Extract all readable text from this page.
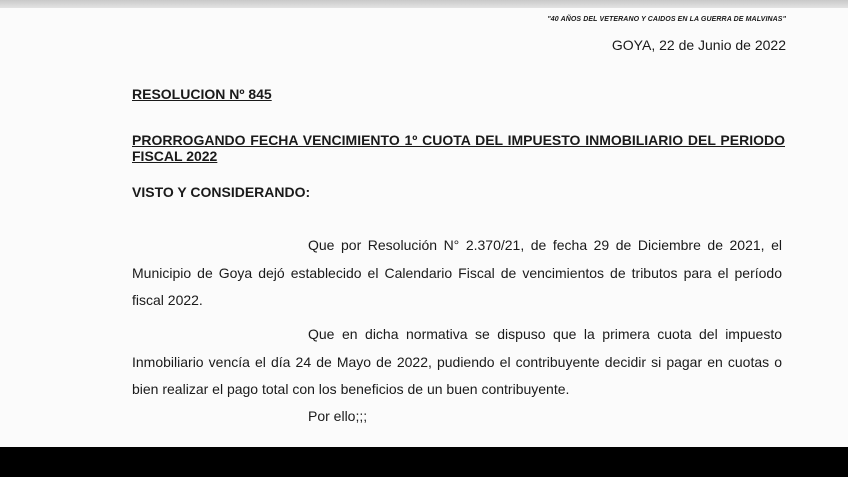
"40 AÑOS DEL VETERANO Y CAIDOS EN LA GUERRA DE MALVINAS"
GOYA, 22 de Junio de 2022
RESOLUCION Nº 845
PRORROGANDO FECHA VENCIMIENTO 1º CUOTA DEL IMPUESTO INMOBILIARIO DEL PERIODO FISCAL 2022
VISTO Y CONSIDERANDO:
Que por Resolución N° 2.370/21, de fecha 29 de Diciembre de 2021, el Municipio de Goya dejó establecido el Calendario Fiscal de vencimientos de tributos para el período fiscal 2022.
Que en dicha normativa se dispuso que la primera cuota del impuesto Inmobiliario vencía el día 24 de Mayo de 2022, pudiendo el contribuyente decidir si pagar en cuotas o bien realizar el pago total con los beneficios de un buen contribuyente.
Por ello;;;
